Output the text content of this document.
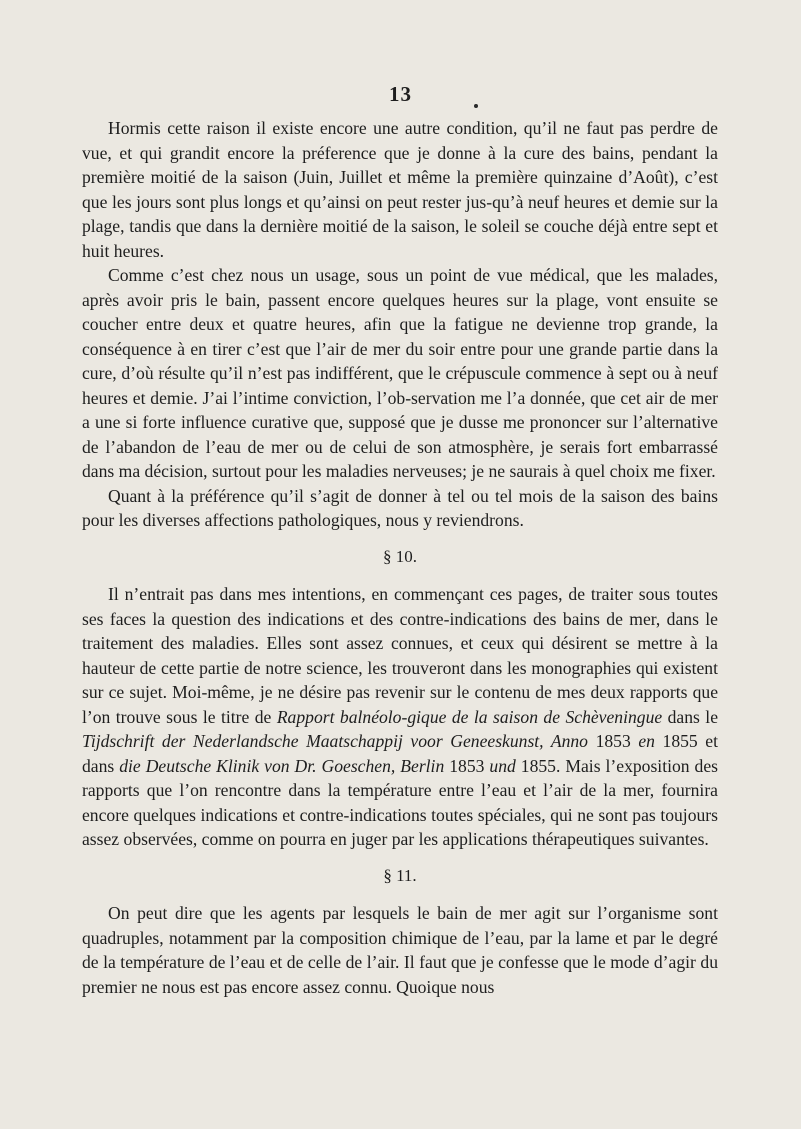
13

Hormis cette raison il existe encore une autre condition, qu’il ne faut pas perdre de vue, et qui grandit encore la préference que je donne à la cure des bains, pendant la première moitié de la saison (Juin, Juillet et même la première quinzaine d’Août), c’est que les jours sont plus longs et qu’ainsi on peut rester jus-qu’à neuf heures et demie sur la plage, tandis que dans la dernière moitié de la saison, le soleil se couche déjà entre sept et huit heures.

Comme c’est chez nous un usage, sous un point de vue médical, que les malades, après avoir pris le bain, passent encore quelques heures sur la plage, vont ensuite se coucher entre deux et quatre heures, afin que la fatigue ne devienne trop grande, la conséquence à en tirer c’est que l’air de mer du soir entre pour une grande partie dans la cure, d’où résulte qu’il n’est pas indifférent, que le crépuscule commence à sept ou à neuf heures et demie. J’ai l’intime conviction, l’ob-servation me l’a donnée, que cet air de mer a une si forte influence curative que, supposé que je dusse me prononcer sur l’alternative de l’abandon de l’eau de mer ou de celui de son atmosphère, je serais fort embarrassé dans ma décision, surtout pour les maladies nerveuses; je ne saurais à quel choix me fixer.

Quant à la préférence qu’il s’agit de donner à tel ou tel mois de la saison des bains pour les diverses affections pathologiques, nous y reviendrons.

§ 10.

Il n’entrait pas dans mes intentions, en commençant ces pages, de traiter sous toutes ses faces la question des indications et des contre-indications des bains de mer, dans le traitement des maladies. Elles sont assez connues, et ceux qui désirent se mettre à la hauteur de cette partie de notre science, les trouveront dans les monographies qui existent sur ce sujet. Moi-même, je ne désire pas revenir sur le contenu de mes deux rapports que l’on trouve sous le titre de Rapport balnéolo-gique de la saison de Schèveningue dans le Tijdschrift der Nederlandsche Maatschappij voor Geneeskunst, Anno 1853 en 1855 et dans die Deutsche Klinik von Dr. Goeschen, Berlin 1853 und 1855. Mais l’exposition des rapports que l’on rencontre dans la température entre l’eau et l’air de la mer, fournira encore quelques indications et contre-indications toutes spéciales, qui ne sont pas toujours assez observées, comme on pourra en juger par les applications thérapeutiques suivantes.

§ 11.

On peut dire que les agents par lesquels le bain de mer agit sur l’organisme sont quadruples, notamment par la composition chimique de l’eau, par la lame et par le degré de la température de l’eau et de celle de l’air. Il faut que je confesse que le mode d’agir du premier ne nous est pas encore assez connu. Quoique nous
